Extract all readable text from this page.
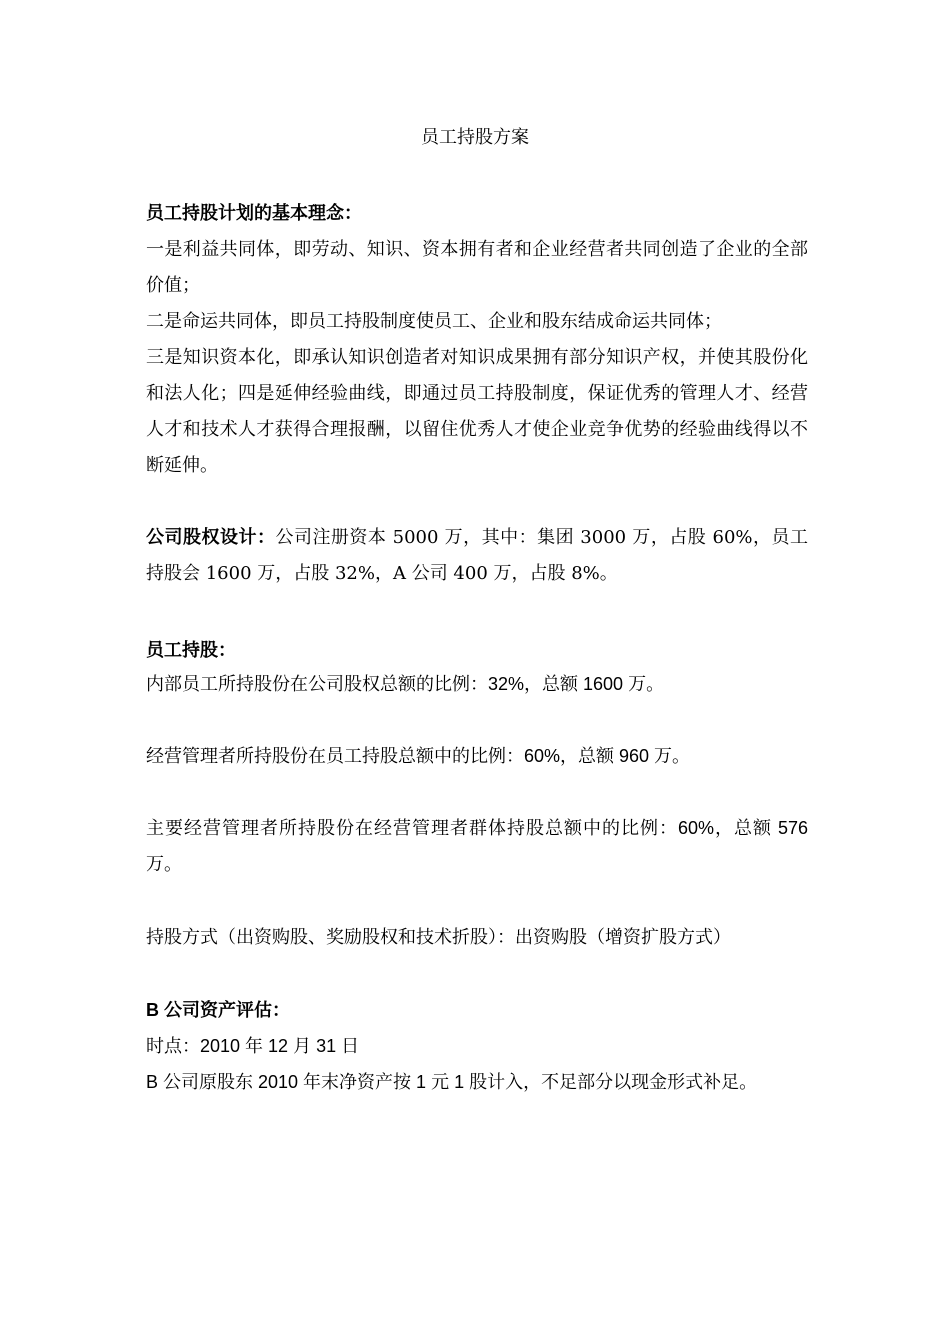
员工持股方案

员工持股计划的基本理念：

一是利益共同体，即劳动、知识、资本拥有者和企业经营者共同创造了企业的全部价值；

二是命运共同体，即员工持股制度使员工、企业和股东结成命运共同体；

三是知识资本化，即承认知识创造者对知识成果拥有部分知识产权，并使其股份化和法人化；四是延伸经验曲线，即通过员工持股制度，保证优秀的管理人才、经营人才和技术人才获得合理报酬，以留住优秀人才使企业竞争优势的经验曲线得以不断延伸。

公司股权设计：公司注册资本 5000 万，其中：集团 3000 万，占股 60%，员工持股会 1600 万，占股 32%，A 公司 400 万，占股 8%。

员工持股：
内部员工所持股份在公司股权总额的比例：32%，总额 1600 万。
经营管理者所持股份在员工持股总额中的比例：60%，总额 960 万。
主要经营管理者所持股份在经营管理者群体持股总额中的比例：60%，总额 576 万。
持股方式（出资购股、奖励股权和技术折股）：出资购股（增资扩股方式）
B 公司资产评估：
时点：2010 年 12 月 31 日
B 公司原股东 2010 年末净资产按 1 元 1 股计入，不足部分以现金形式补足。
